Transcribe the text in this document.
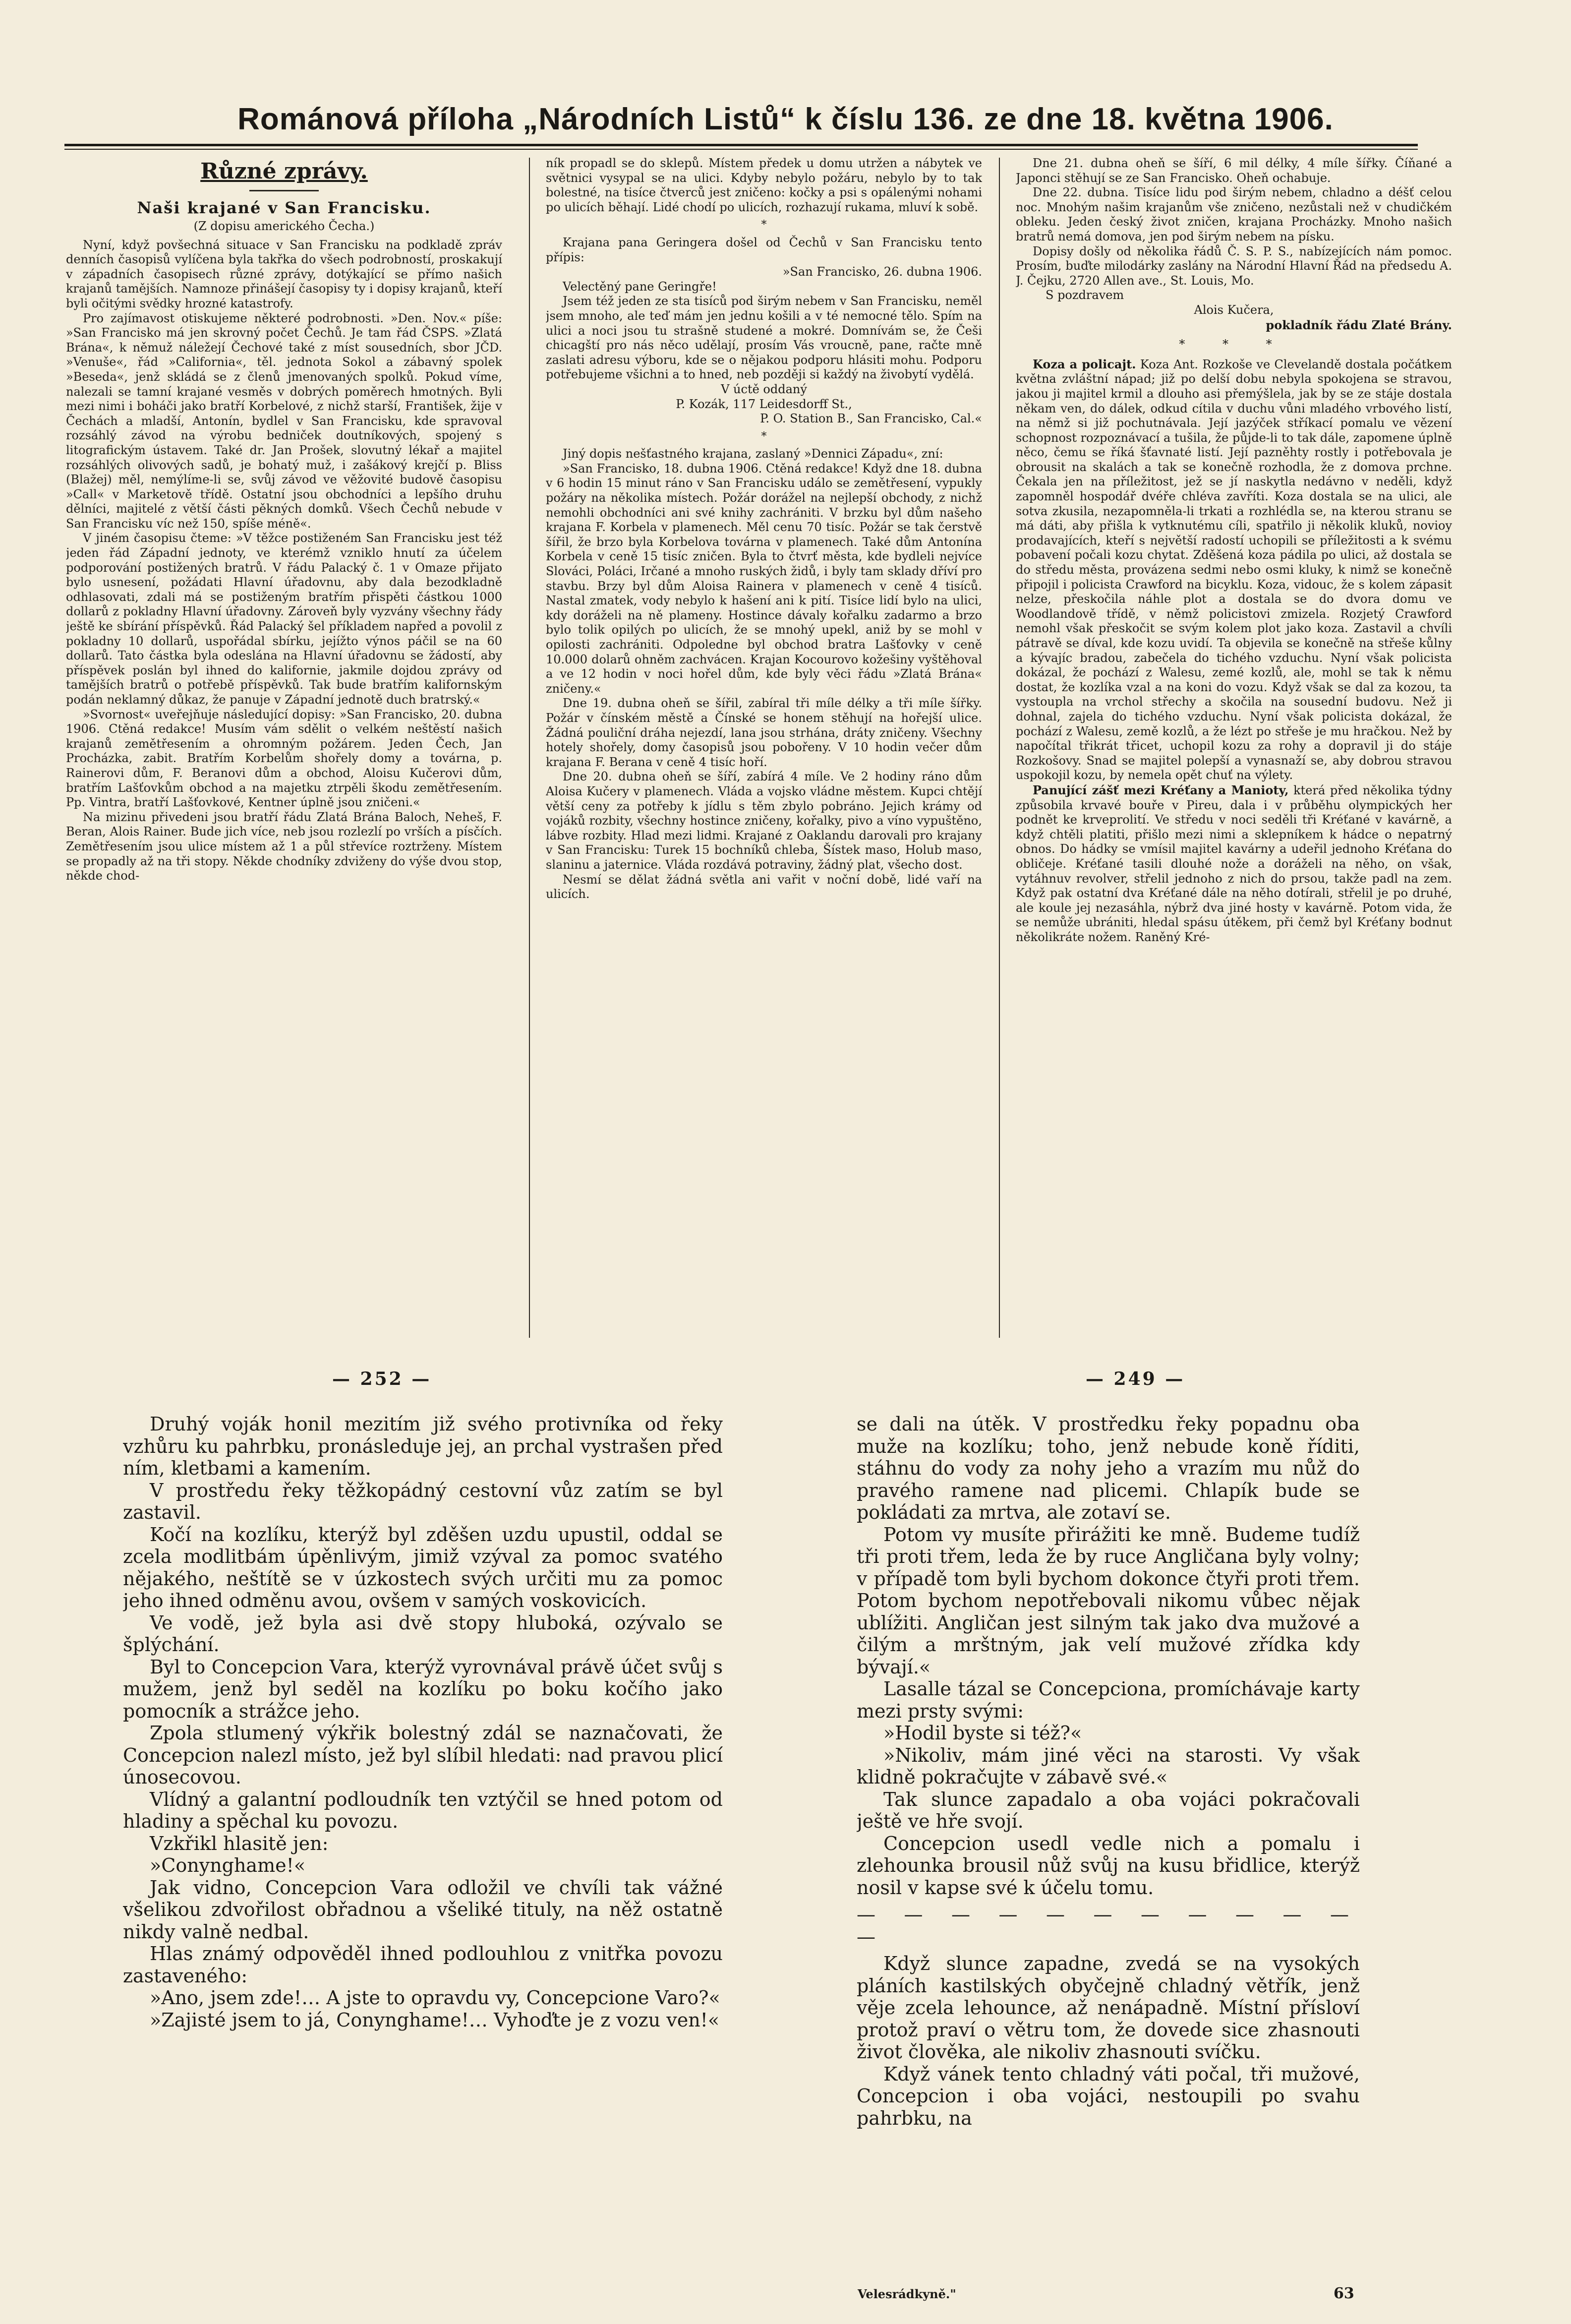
Románová příloha „Národních Listů“ k číslu 136. ze dne 18. května 1906.
Různé zprávy.
Naši krajané v San Francisku.

(Z dopisu amerického Čecha.)

Nyní, když povšechná situace v San Francisku na podkladě zpráv denních časopisů vylíčena byla takřka do všech podrobností, proskakují v západních časopisech různé zprávy, dotýkající se přímo našich krajanů tamějších. Namnoze přinášejí časopisy ty i dopisy krajanů, kteří byli očitými svědky hrozné katastrofy.

Pro zajímavost otiskujeme některé podrobnosti. »Den. Nov.« píše: »San Francisko má jen skrovný počet Čechů. Je tam řád ČSPS. »Zlatá Brána«, k němuž náležejí Čechové také z míst sousedních, sbor JČD. »Venuše«, řád »California«, těl. jednota Sokol a zábavný spolek »Beseda«, jenž skládá se z členů jmenovaných spolků. Pokud víme, nalezali se tamní krajané vesměs v dobrých poměrech hmotných. Byli mezi nimi i boháči jako bratří Korbelové, z nichž starší, František, žije v Čechách a mladší, Antonín, bydlel v San Francisku, kde spravoval rozsáhlý závod na výrobu bedniček doutníkových, spojený s litografickým ústavem. Také dr. Jan Prošek, slovutný lékař a majitel rozsáhlých olivových sadů, je bohatý muž, i zašákový krejčí p. Bliss (Blažej) měl, nemýlíme-li se, svůj závod ve věžovité budově časopisu »Call« v Marketově třídě. Ostatní jsou obchodníci a lepšího druhu dělníci, majitelé z větší části pěkných domků. Všech Čechů nebude v San Francisku víc než 150, spíše méně«.

V jiném časopisu čteme: »V těžce postiženém San Francisku jest též jeden řád Západní jednoty, ve kterémž vzniklo hnutí za účelem podporování postižených bratrů. V řádu Palacký č. 1 v Omaze přijato bylo usnesení, požádati Hlavní úřadovnu, aby dala bezodkladně odhlasovati, zdali má se postiženým bratřím přispěti částkou 1000 dollarů z pokladny Hlavní úřadovny. Zároveň byly vyzvány všechny řády ještě ke sbírání příspěvků. Řád Palacký šel příkladem napřed a povolil z pokladny 10 dollarů, uspořádal sbírku, jejížto výnos páčil se na 60 dollarů. Tato částka byla odeslána na Hlavní úřadovnu se žádostí, aby příspěvek poslán byl ihned do kalifornie, jakmile dojdou zprávy od tamějších bratrů o potřebě příspěvků. Tak bude bratřím kalifornským podán neklamný důkaz, že panuje v Západní jednotě duch bratrský.«

»Svornost« uveřejňuje následující dopisy: »San Francisko, 20. dubna 1906. Ctěná redakce! Musím vám sdělit o velkém neštěstí našich krajanů zemětřesením a ohromným požárem. Jeden Čech, Jan Procházka, zabit. Bratřím Korbelům shořely domy a továrna, p. Rainerovi dům, F. Beranovi dům a obchod, Aloisu Kučerovi dům, bratřím Lašťovkům obchod a na majetku ztrpěli škodu zemětřesením. Pp. Vintra, bratří Lašťovkové, Kentner úplně jsou zničeni.«

Na mizinu přivedeni jsou bratří řádu Zlatá Brána Baloch, Neheš, F. Beran, Alois Rainer. Bude jich více, neb jsou rozlezlí po vrších a písčích. Zemětřesením jsou ulice místem až 1 a půl střevíce roztrženy. Místem se propadly až na tři stopy. Někde chodníky zdviženy do výše dvou stop, někde chod-

ník propadl se do sklepů. Místem předek u domu utržen a nábytek ve světnici vysypal se na ulici. Kdyby nebylo požáru, nebylo by to tak bolestné, na tisíce čtverců jest zničeno: kočky a psi s opálenými nohami po ulicích běhají. Lidé chodí po ulicích, rozhazují rukama, mluví k sobě.

*

Krajana pana Geringera došel od Čechů v San Francisku tento přípis:

»San Francisko, 26. dubna 1906.

Velectěný pane Geringře!

Jsem též jeden ze sta tisíců pod širým nebem v San Francisku, neměl jsem mnoho, ale teď mám jen jednu košili a v té nemocné tělo. Spím na ulici a noci jsou tu strašně studené a mokré. Domnívám se, že Češi chicagští pro nás něco udělají, prosím Vás vroucně, pane, račte mně zaslati adresu výboru, kde se o nějakou podporu hlásiti mohu. Podporu potřebujeme všichni a to hned, neb později si každý na živobytí vydělá.

V úctě oddaný

P. Kozák, 117 Leidesdorff St.,

P. O. Station B., San Francisko, Cal.«

*

Jiný dopis nešťastného krajana, zaslaný »Dennici Západu«, zní:

»San Francisko, 18. dubna 1906. Ctěná redakce! Když dne 18. dubna v 6 hodin 15 minut ráno v San Francisku událo se zemětřesení, vypukly požáry na několika místech. Požár dorážel na nejlepší obchody, z nichž nemohli obchodníci ani své knihy zachrániti. V brzku byl dům našeho krajana F. Korbela v plamenech. Měl cenu 70 tisíc. Požár se tak čerstvě šířil, že brzo byla Korbelova továrna v plamenech. Také dům Antonína Korbela v ceně 15 tisíc zničen. Byla to čtvrť města, kde bydleli nejvíce Slováci, Poláci, Irčané a mnoho ruských židů, i byly tam sklady dříví pro stavbu. Brzy byl dům Aloisa Rainera v plamenech v ceně 4 tisíců. Nastal zmatek, vody nebylo k hašení ani k pití. Tisíce lidí bylo na ulici, kdy doráželi na ně plameny. Hostince dávaly kořalku zadarmo a brzo bylo tolik opilých po ulicích, že se mnohý upekl, aniž by se mohl v opilosti zachrániti. Odpoledne byl obchod bratra Lašťovky v ceně 10.000 dolarů ohněm zachvácen. Krajan Kocourovo kožešiny vyštěhoval a ve 12 hodin v noci hořel dům, kde byly věci řádu »Zlatá Brána« zničeny.«

Dne 19. dubna oheň se šířil, zabíral tři míle délky a tři míle šířky. Požár v čínském městě a Čínské se honem stěhují na hořejší ulice. Žádná pouliční dráha nejezdí, lana jsou strhána, dráty zničeny. Všechny hotely shořely, domy časopisů jsou pobořeny. V 10 hodin večer dům krajana F. Berana v ceně 4 tisíc hoří.

Dne 20. dubna oheň se šíří, zabírá 4 míle. Ve 2 hodiny ráno dům Aloisa Kučery v plamenech. Vláda a vojsko vládne městem. Kupci chtějí větší ceny za potřeby k jídlu s těm zbylo pobráno. Jejich krámy od vojáků rozbity, všechny hostince zničeny, kořalky, pivo a víno vypuštěno, lábve rozbity. Hlad mezi lidmi. Krajané z Oaklandu darovali pro krajany v San Francisku: Turek 15 bochníků chleba, Šístek maso, Holub maso, slaninu a jaternice. Vláda rozdává potraviny, žádný plat, všecho dost.

Nesmí se dělat žádná světla ani vařit v noční době, lidé vaří na ulicích.

Dne 21. dubna oheň se šíří, 6 mil délky, 4 míle šířky. Číňané a Japonci stěhují se ze San Francisko. Oheň ochabuje.

Dne 22. dubna. Tisíce lidu pod širým nebem, chladno a déšť celou noc. Mnohým našim krajanům vše zničeno, nezůstali než v chudičkém obleku. Jeden český život zničen, krajana Procházky. Mnoho našich bratrů nemá domova, jen pod širým nebem na písku.

Dopisy došly od několika řádů Č. S. P. S., nabízejících nám pomoc. Prosím, buďte milodárky zaslány na Národní Hlavní Řád na předsedu A. J. Čejku, 2720 Allen ave., St. Louis, Mo.

S pozdravem

Alois Kučera,

pokladník řádu Zlaté Brány.

* * *

Koza a policajt. Koza Ant. Rozkoše ve Clevelandě dostala počátkem května zvláštní nápad; již po delší dobu nebyla spokojena se stravou, jakou ji majitel krmil a dlouho asi přemýšlela, jak by se ze stáje dostala někam ven, do dálek, odkud cítila v duchu vůni mladého vrbového listí, na němž si již pochutnávala. Její jazýček stříkací pomalu ve vězení schopnost rozpoznávací a tušila, že půjde-li to tak dále, zapomene úplně něco, čemu se říká šťavnaté listí. Její pazněhty rostly i potřebovala je obrousit na skalách a tak se konečně rozhodla, že z domova prchne. Čekala jen na příležitost, jež se jí naskytla nedávno v neděli, když zapomněl hospodář dvéře chléva zavříti. Koza dostala se na ulici, ale sotva zkusila, nezapomněla-li trkati a rozhlédla se, na kterou stranu se má dáti, aby přišla k vytknutému cíli, spatřilo ji několik kluků, novioy prodavajících, kteří s největší radostí uchopili se příležitosti a k svému pobavení počali kozu chytat. Zděšená koza pádila po ulici, až dostala se do středu města, provázena sedmi nebo osmi kluky, k nimž se konečně připojil i policista Crawford na bicyklu. Koza, vidouc, že s kolem zápasit nelze, přeskočila náhle plot a dostala se do dvora domu ve Woodlandově třídě, v němž policistovi zmizela. Rozjetý Crawford nemohl však přeskočit se svým kolem plot jako koza. Zastavil a chvíli pátravě se díval, kde kozu uvidí. Ta objevila se konečně na střeše kůlny a kývajíc bradou, zabečela do tichého vzduchu. Nyní však policista dokázal, že pochází z Walesu, zemé kozlů, ale, mohl se tak k němu dostat, že kozlíka vzal a na koni do vozu. Když však se dal za kozou, ta vystoupla na vrchol střechy a skočila na sousední budovu. Než ji dohnal, zajela do tichého vzduchu. Nyní však policista dokázal, že pochází z Walesu, země kozlů, a že lézt po střeše je mu hračkou. Než by napočítal třikrát třicet, uchopil kozu za rohy a dopravil ji do stáje Rozkošovy. Snad se majitel polepší a vynasnaží se, aby dobrou stravou uspokojil kozu, by nemela opět chuť na výlety.

Panující zášť mezi Kréťany a Manioty, která před několika týdny způsobila krvavé bouře v Pireu, dala i v průběhu olympických her podnět ke krveprolití. Ve středu v noci seděli tři Kréťané v kavárně, a když chtěli platiti, přišlo mezi nimi a sklepníkem k hádce o nepatrný obnos. Do hádky se vmísil majitel kavárny a udeřil jednoho Kréťana do obličeje. Kréťané tasili dlouhé nože a doráželi na něho, on však, vytáhnuv revolver, střelil jednoho z nich do prsou, takže padl na zem. Když pak ostatní dva Kréťané dále na něho dotírali, střelil je po druhé, ale koule jej nezasáhla, nýbrž dva jiné hosty v kavárně. Potom vida, že se nemůže ubrániti, hledal spásu útěkem, při čemž byl Kréťany bodnut několikráte nožem. Raněný Kré-

— 252 —	— 249 —

Druhý voják honil mezitím již svého protivníka od řeky vzhůru ku pahrbku, pronásleduje jej, an prchal vystrašen před ním, kletbami a kamením.

V prostředu řeky těžkopádný cestovní vůz zatím se byl zastavil.

Kočí na kozlíku, kterýž byl zděšen uzdu upustil, oddal se zcela modlitbám úpěnlivým, jimiž vzýval za pomoc svatého nějakého, neštítě se v úzkostech svých určiti mu za pomoc jeho ihned odměnu avou, ovšem v samých voskovicích.

Ve vodě, jež byla asi dvě stopy hluboká, ozývalo se šplýchání.

Byl to Concepcion Vara, kterýž vyrovnával právě účet svůj s mužem, jenž byl seděl na kozlíku po boku kočího jako pomocník a strážce jeho.

Zpola stlumený výkřik bolestný zdál se naznačovati, že Concepcion nalezl místo, jež byl slíbil hledati: nad pravou plicí únosecovou.

Vlídný a galantní podloudník ten vztýčil se hned potom od hladiny a spěchal ku povozu.

Vzkřikl hlasitě jen:

»Conynghame!«

Jak vidno, Concepcion Vara odložil ve chvíli tak vážné všelikou zdvořilost obřadnou a všeliké tituly, na něž ostatně nikdy valně nedbal.

Hlas známý odpověděl ihned podlouhlou z vnitřka povozu zastaveného:

»Ano, jsem zde!… A jste to opravdu vy, Concepcione Varo?«

»Zajisté jsem to já, Conynghame!… Vyhoďte je z vozu ven!«

se dali na útěk. V prostředku řeky popadnu oba muže na kozlíku; toho, jenž nebude koně říditi, stáhnu do vody za nohy jeho a vrazím mu nůž do pravého ramene nad plicemi. Chlapík bude se pokládati za mrtva, ale zotaví se.

Potom vy musíte přirážiti ke mně. Budeme tudíž tři proti třem, leda že by ruce Angličana byly volny; v případě tom byli bychom dokonce čtyři proti třem. Potom bychom nepotřebovali nikomu vůbec nějak ublížiti. Angličan jest silným tak jako dva mužové a čilým a mrštným, jak velí mužové zřídka kdy bývají.«

Lasalle tázal se Concepciona, promíchávaje karty mezi prsty svými:

»Hodil byste si též?«

»Nikoliv, mám jiné věci na starosti. Vy však klidně pokračujte v zábavě své.«

Tak slunce zapadalo a oba vojáci pokračovali ještě ve hře svojí.

Concepcion usedl vedle nich a pomalu i zlehounka brousil nůž svůj na kusu břidlice, kterýž nosil v kapse své k účelu tomu.

— — — — — — — — — — — —

Když slunce zapadne, zvedá se na vysokých pláních kastilských obyčejně chladný větřík, jenž věje zcela lehounce, až nenápadně. Místní přísloví protož praví o větru tom, že dovede sice zhasnouti život člověka, ale nikoliv zhasnouti svíčku.

Když vánek tento chladný váti počal, tři mužové, Concepcion i oba vojáci, nestoupili po svahu pahrbku, na

Velesrádkyně."	63
